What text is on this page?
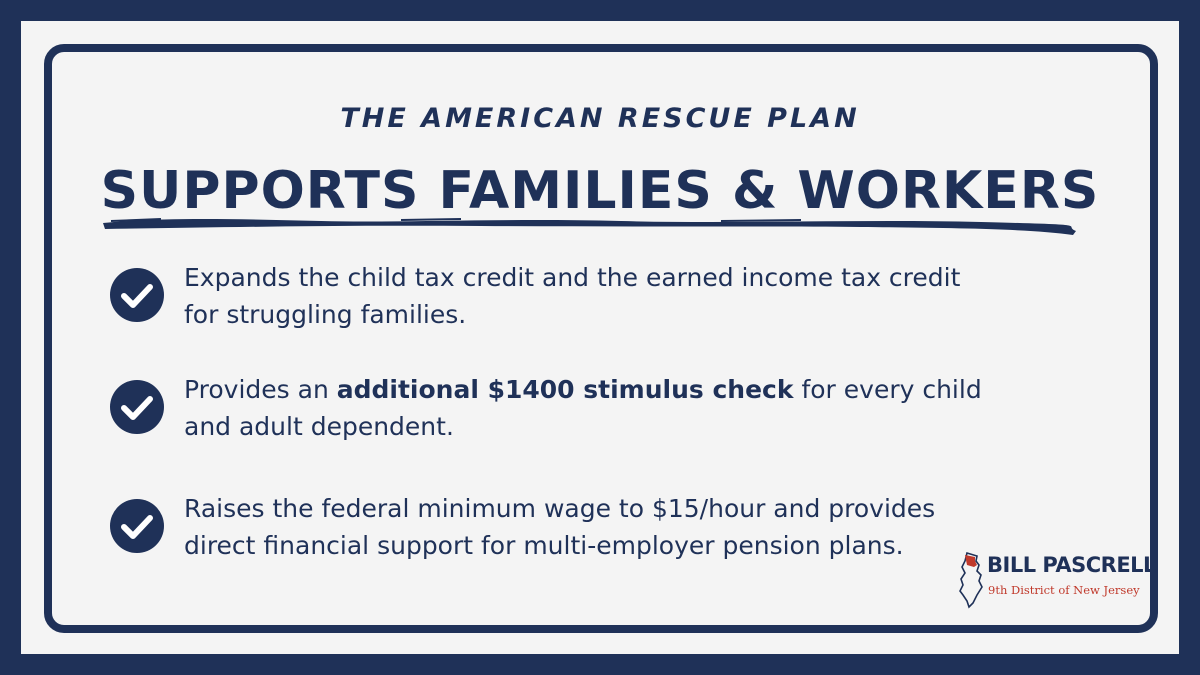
THE AMERICAN RESCUE PLAN
SUPPORTS FAMILIES & WORKERS
Expands the child tax credit and the earned income tax credit
for struggling families.
Provides an additional $1400 stimulus check for every child
and adult dependent.
Raises the federal minimum wage to $15/hour and provides
direct financial support for multi-employer pension plans.
BILL PASCRELL
9th District of New Jersey
